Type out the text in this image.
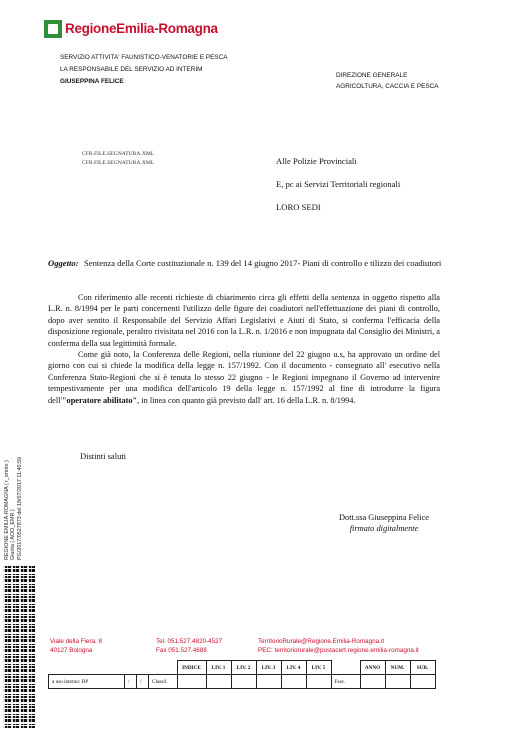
RegioneEmilia-Romagna
SERVIZIO ATTIVITA' FAUNISTICO-VENATORIE E PESCA
LA RESPONSABILE DEL SERVIZIO AD INTERIM
GIUSEPPINA FELICE
DIREZIONE GENERALE
AGRICOLTURA, CACCIA E PESCA
CFR.FILE.SEGNATURA.XML
CFR.FILE.SEGNATURA.XML	Alle Polizie Provinciali
E, pc ai Servizi Territoriali regionali
LORO SEDI
Oggetto: Sentenza della Corte costituzionale n. 139 del 14 giugno 2017- Piani di controllo e tilizzo dei coadiutori

Con riferimento alle recenti richieste di chiarimento circa gli effetti della sentenza in oggetto rispetto alla L.R. n. 8/1994 per le parti concernenti l'utilizzo delle figure dei coadiutori nell'effettuazione dei piani di controllo, dopo aver sentito il Responsabile del Servizio Affari Legislativi e Aiuti di Stato, si conferma l'efficacia della disposizione regionale, peraltro rivisitata nel 2016 con la L.R. n. 1/2016 e non impugnata dal Consiglio dei Ministri, a conferma della sua legittimità formale.

Come già noto, la Conferenza delle Regioni, nella riunione del 22 giugno u.s, ha approvato un ordine del giorno con cui si chiede la modifica della legge n. 157/1992. Con il documento - consegnato all' esecutivo nella Conferenza Stato-Regioni che si è tenuta lo stesso 22 giugno - le Regioni impegnano il Governo ad intervenire tempestivamente per una modifica dell'articolo 19 della legge n. 157/1992 al fine di introdurre la figura dell'"operatore abilitato", in linea con quanto già previsto dall' art. 16 della L.R. n. 8/1994.

Distinti saluti
Dott.ssa Giuseppina Felice
firmato digitalmente
REGIONE EMILIA-ROMAGNA ( r_emiro ) Giunta ( AOO_EMR ) PG/2017/0527873 del 18/07/2017 11:40:59
Viale della Fiera, 8
40127 Bologna
Tel. 051.527.4820-4527
Fax 051.527.4688
TerritorioRurale@Regione.Emilia-Romagna.it
PEC: territoriorurale@postacert.regione.emilia-romagna.it
				INDICE	LIV. 1	LIV. 2	LIV. 3	LIV. 4	LIV. 5		ANNO	NUM.	SUB.
a uso interno: DP	/	/	Classif.							Fasc.			
